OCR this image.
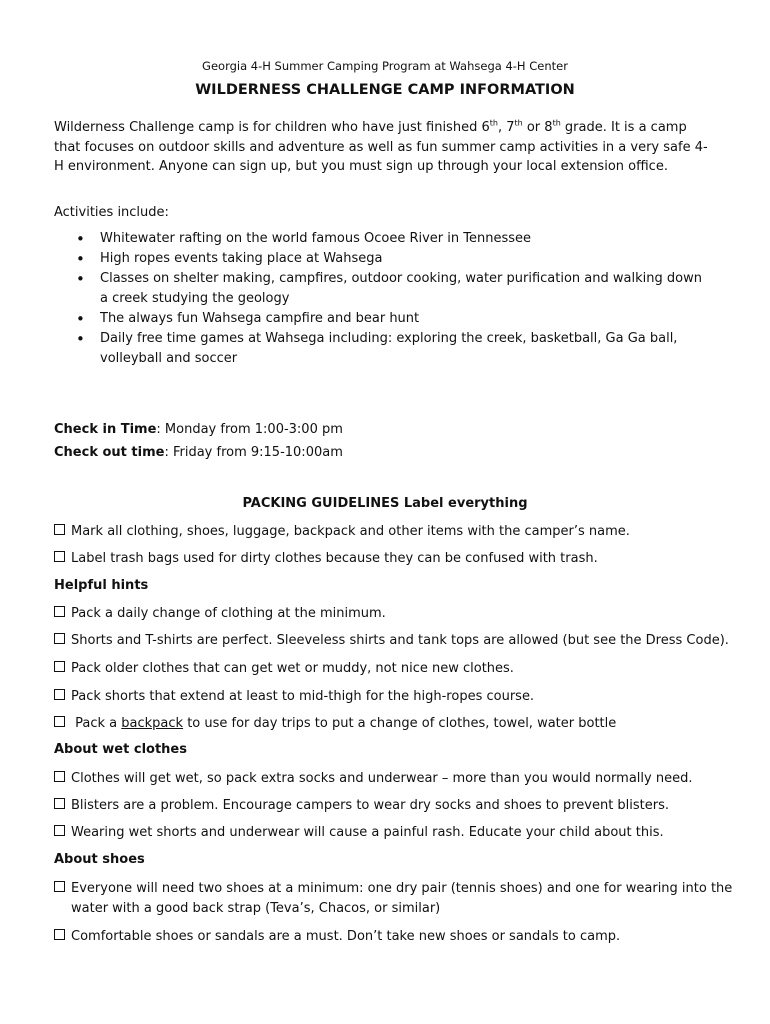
Georgia 4-H Summer Camping Program at Wahsega 4-H Center
WILDERNESS CHALLENGE CAMP INFORMATION
Wilderness Challenge camp is for children who have just finished 6th, 7th or 8th grade. It is a camp that focuses on outdoor skills and adventure as well as fun summer camp activities in a very safe 4-H environment. Anyone can sign up, but you must sign up through your local extension office.
Activities include:
• Whitewater rafting on the world famous Ocoee River in Tennessee
• High ropes events taking place at Wahsega
• Classes on shelter making, campfires, outdoor cooking, water purification and walking down a creek studying the geology
• The always fun Wahsega campfire and bear hunt
• Daily free time games at Wahsega including: exploring the creek, basketball, Ga Ga ball, volleyball and soccer
Check in Time: Monday from 1:00-3:00 pm
Check out time: Friday from 9:15-10:00am
PACKING GUIDELINES Label everything
Mark all clothing, shoes, luggage, backpack and other items with the camper’s name.
Label trash bags used for dirty clothes because they can be confused with trash.
Helpful hints
Pack a daily change of clothing at the minimum.
Shorts and T-shirts are perfect. Sleeveless shirts and tank tops are allowed (but see the Dress Code).
Pack older clothes that can get wet or muddy, not nice new clothes.
Pack shorts that extend at least to mid-thigh for the high-ropes course.
Pack a backpack to use for day trips to put a change of clothes, towel, water bottle
About wet clothes
Clothes will get wet, so pack extra socks and underwear – more than you would normally need.
Blisters are a problem. Encourage campers to wear dry socks and shoes to prevent blisters.
Wearing wet shorts and underwear will cause a painful rash. Educate your child about this.
About shoes
Everyone will need two shoes at a minimum: one dry pair (tennis shoes) and one for wearing into the
water with a good back strap (Teva’s, Chacos, or similar)
Comfortable shoes or sandals are a must. Don’t take new shoes or sandals to camp.
